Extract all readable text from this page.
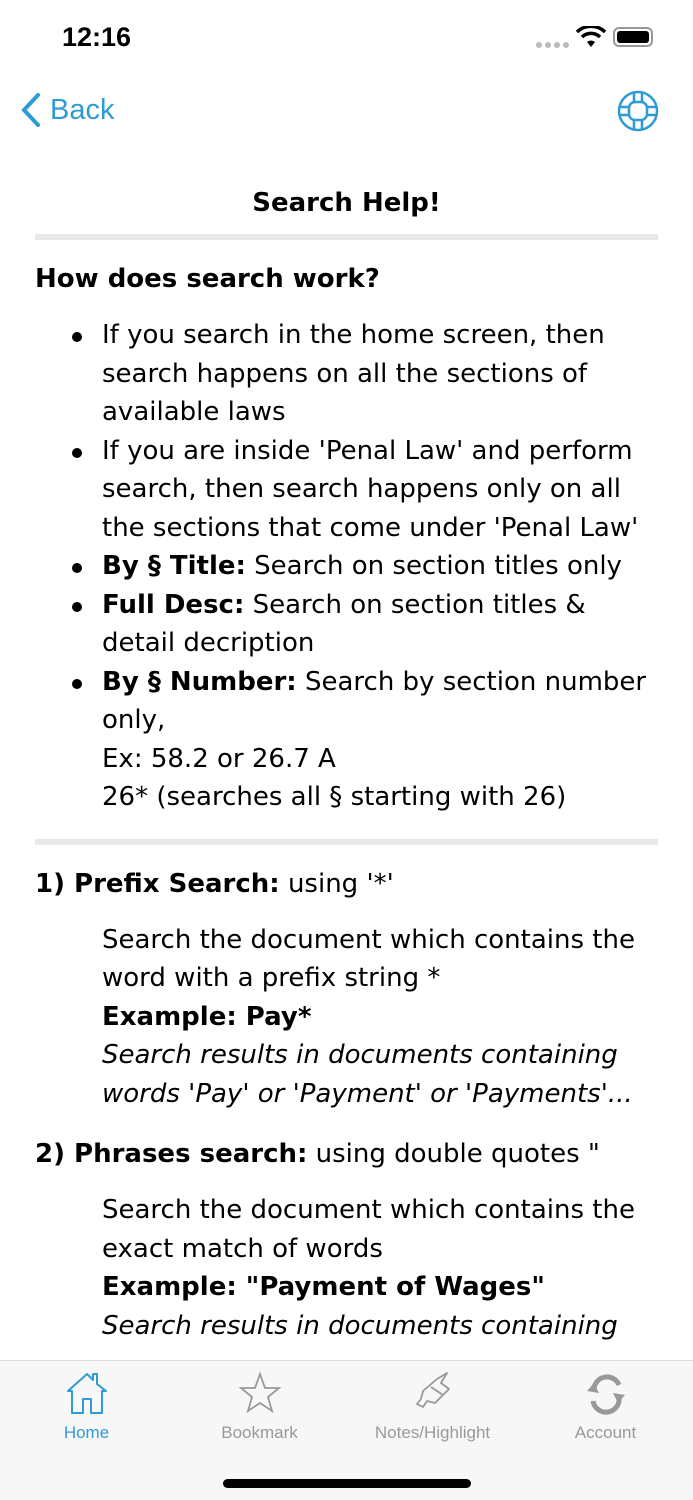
12:16
Back
Search Help!
How does search work?
If you search in the home screen, then search happens on all the sections of available laws
If you are inside 'Penal Law' and perform search, then search happens only on all the sections that come under 'Penal Law'
By § Title: Search on section titles only
Full Desc: Search on section titles & detail decription
By § Number: Search by section number only,
Ex: 58.2 or 26.7 A
26* (searches all § starting with 26)
1) Prefix Search: using '*'
Search the document which contains the word with a prefix string *
Example: Pay*
Search results in documents containing words 'Pay' or 'Payment' or 'Payments'...
2) Phrases search: using double quotes "
Search the document which contains the exact match of words
Example: "Payment of Wages"
Search results in documents containing
Home	Bookmark	Notes/Highlight	Account
